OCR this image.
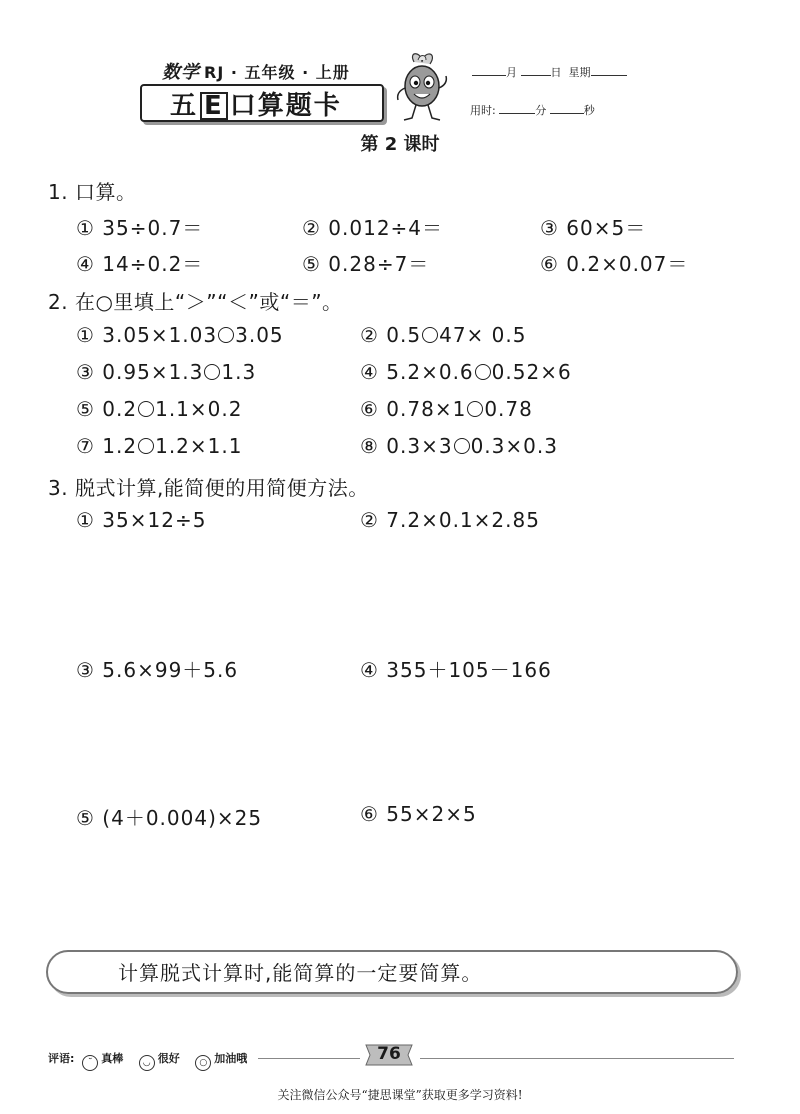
数学 RJ · 五年级 · 上册
五 E 口算题卡
月	日 星期
用时:	分	秒
第 2 课时
1. 口算。
① 35÷0.7＝	② 0.012÷4＝	③ 60×5＝
④ 14÷0.2＝	⑤ 0.28÷7＝	⑥ 0.2×0.07＝
2. 在○里填上“＞”“＜”或“＝”。
① 3.05×1.03 3.05	② 0.5 47× 0.5
③ 0.95×1.3 1.3	④ 5.2×0.6 0.52×6
⑤ 0.2 1.1×0.2	⑥ 0.78×1 0.78
⑦ 1.2 1.2×1.1	⑧ 0.3×3 0.3×0.3
3. 脱式计算,能简便的用简便方法。
① 35×12÷5	② 7.2×0.1×2.85
③ 5.6×99＋5.6	④ 355＋105－166
⑤ (4＋0.004)×25	⑥ 55×2×5
计算脱式计算时,能简算的一定要简算。
评语: ˘ 真棒 ◡ 很好 ○ 加油哦	76
关注微信公众号“捷思课堂”获取更多学习资料!
